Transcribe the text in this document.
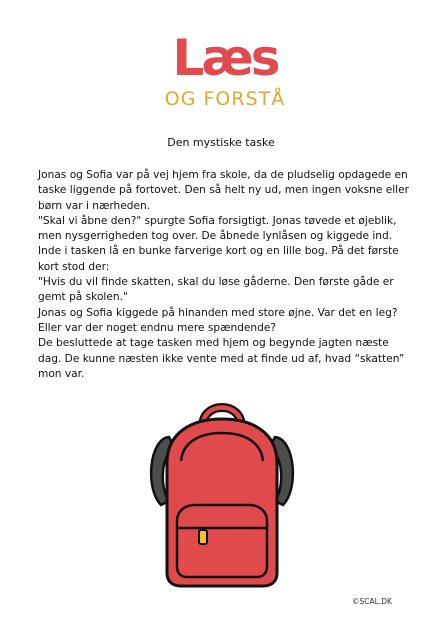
Læs
OG FORSTÅ
Den mystiske taske

Jonas og Sofia var på vej hjem fra skole, da de pludselig opdagede en

taske liggende på fortovet. Den så helt ny ud, men ingen voksne eller

børn var i nærheden.

"Skal vi åbne den?" spurgte Sofia forsigtigt. Jonas tøvede et øjeblik,

men nysgerrigheden tog over. De åbnede lynlåsen og kiggede ind.

Inde i tasken lå en bunke farverige kort og en lille bog. På det første

kort stod der:

"Hvis du vil finde skatten, skal du løse gåderne. Den første gåde er

gemt på skolen."

Jonas og Sofia kiggede på hinanden med store øjne. Var det en leg?

Eller var der noget endnu mere spændende?

De besluttede at tage tasken med hjem og begynde jagten næste

dag. De kunne næsten ikke vente med at finde ud af, hvad “skatten”

mon var.

©SCAL.DK
